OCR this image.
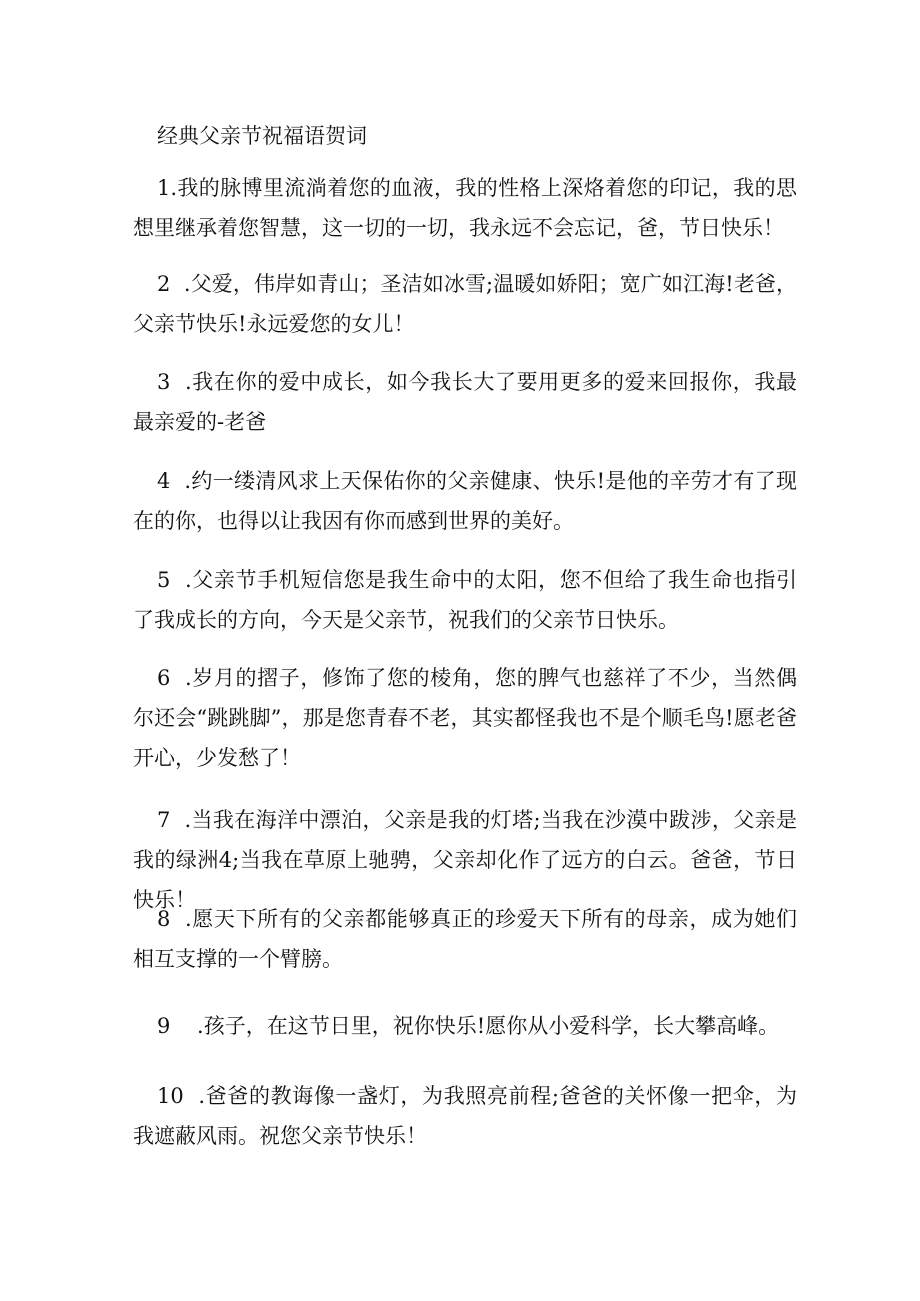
经典父亲节祝福语贺词

1.我的脉博里流淌着您的血液，我的性格上深烙着您的印记，我的思想里继承着您智慧，这一切的一切，我永远不会忘记，爸，节日快乐！

2  .父爱，伟岸如青山；圣洁如冰雪;温暖如娇阳；宽广如江海!老爸，父亲节快乐!永远爱您的女儿！

3  .我在你的爱中成长，如今我长大了要用更多的爱来回报你，我最最亲爱的-老爸

4  .约一缕清风求上天保佑你的父亲健康、快乐!是他的辛劳才有了现在的你，也得以让我因有你而感到世界的美好。

5  .父亲节手机短信您是我生命中的太阳，您不但给了我生命也指引了我成长的方向，今天是父亲节，祝我们的父亲节日快乐。

6  .岁月的摺子，修饰了您的棱角，您的脾气也慈祥了不少，当然偶尔还会“跳跳脚”，那是您青春不老，其实都怪我也不是个顺毛鸟!愿老爸开心，少发愁了！

7  .当我在海洋中漂泊，父亲是我的灯塔;当我在沙漠中跋涉，父亲是我的绿洲4;当我在草原上驰骋，父亲却化作了远方的白云。爸爸，节日快乐！

8  .愿天下所有的父亲都能够真正的珍爱天下所有的母亲，成为她们相互支撑的一个臂膀。

9    .孩子，在这节日里，祝你快乐!愿你从小爱科学，长大攀高峰。

10  .爸爸的教诲像一盏灯，为我照亮前程;爸爸的关怀像一把伞，为我遮蔽风雨。祝您父亲节快乐！
